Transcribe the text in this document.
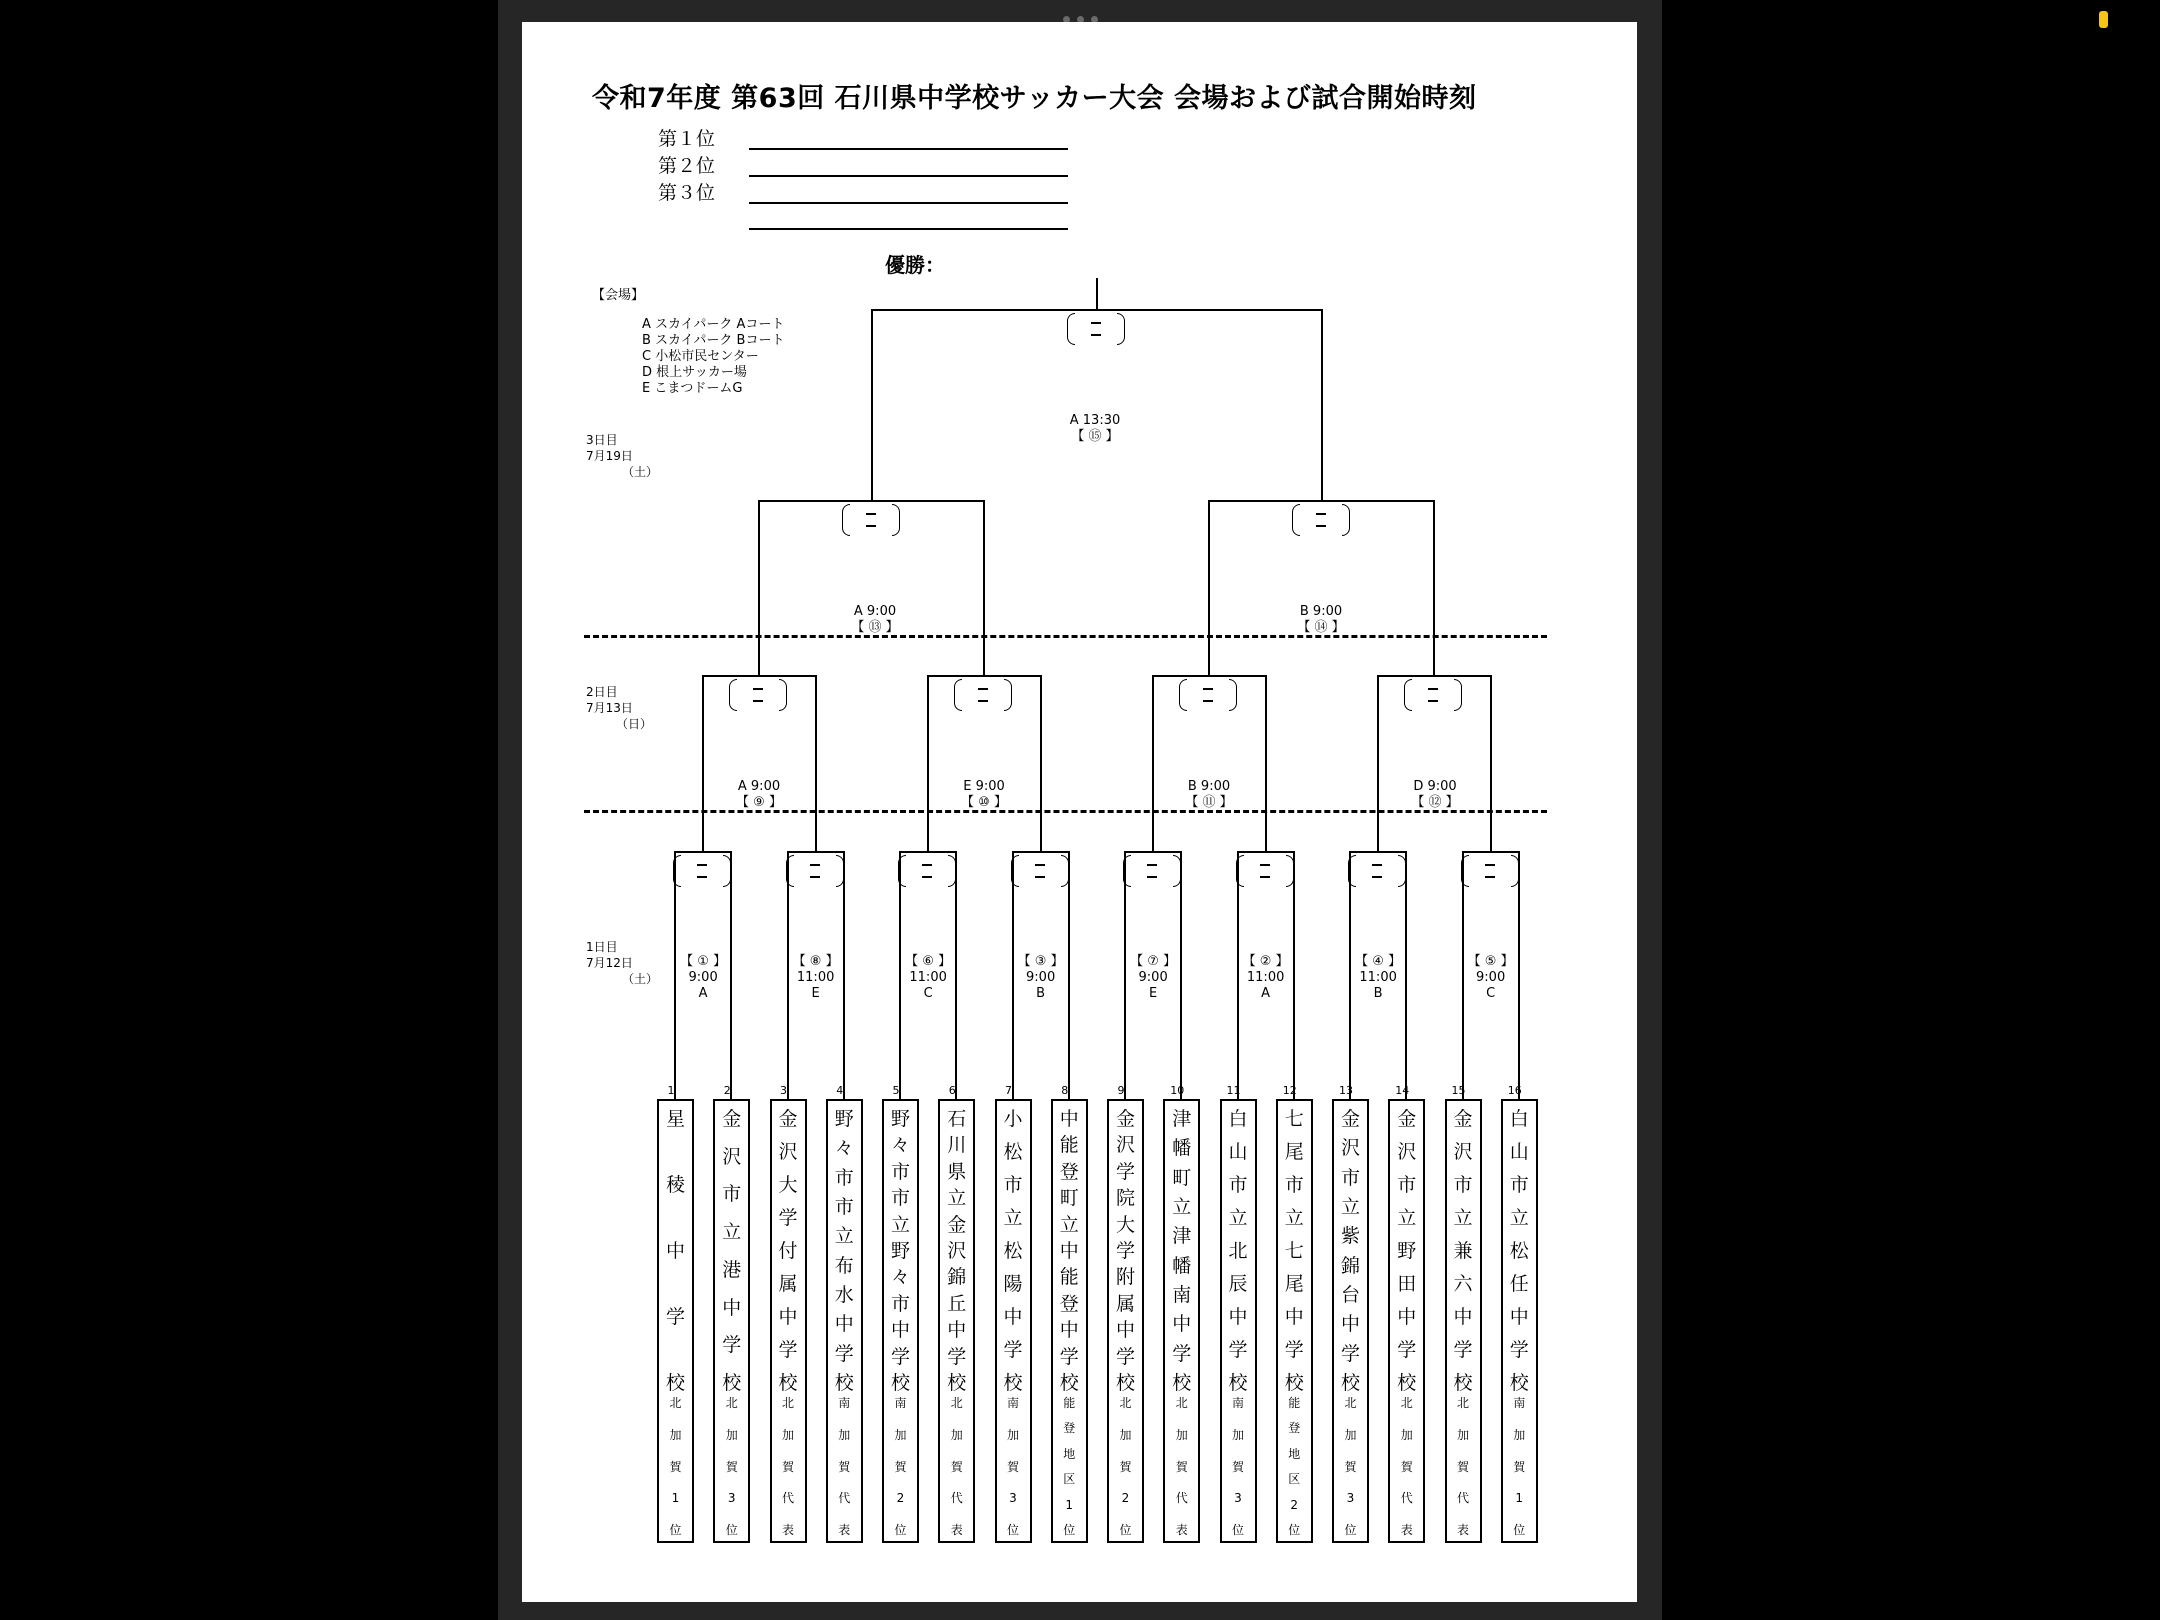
令和7年度 第63回 石川県中学校サッカー大会 会場および試合開始時刻
第１位
第２位
第３位
優勝：
【会場】
A スカイパーク Aコート
B スカイパーク Bコート
C 小松市民センター
D 根上サッカー場
E こまつドームG
3日目
7月19日
（土）
2日目
7月13日
（日）
1日目
7月12日
（土）
A 13:30
【 ⑮ 】
A 9:00
【 ⑬ 】
B 9:00
【 ⑭ 】
A 9:00
【 ⑨ 】
E 9:00
【 ⑩ 】
B 9:00
【 ⑪ 】
D 9:00
【 ⑫ 】
【 ① 】
9:00
A
【 ⑧ 】
11:00
E
【 ⑥ 】
11:00
C
【 ③ 】
9:00
B
【 ⑦ 】
9:00
E
【 ② 】
11:00
A
【 ④ 】
11:00
B
【 ⑤ 】
9:00
C
1
星
稜
中
学
校
北
加
賀
1
位
2
金
沢
市
立
港
中
学
校
北
加
賀
3
位
3
金
沢
大
学
付
属
中
学
校
北
加
賀
代
表
4
野
々
市
市
立
布
水
中
学
校
南
加
賀
代
表
5
野
々
市
市
立
野
々
市
中
学
校
南
加
賀
2
位
6
石
川
県
立
金
沢
錦
丘
中
学
校
北
加
賀
代
表
7
小
松
市
立
松
陽
中
学
校
南
加
賀
3
位
8
中
能
登
町
立
中
能
登
中
学
校
能
登
地
区
1
位
9
金
沢
学
院
大
学
附
属
中
学
校
北
加
賀
2
位
10
津
幡
町
立
津
幡
南
中
学
校
北
加
賀
代
表
11
白
山
市
立
北
辰
中
学
校
南
加
賀
3
位
12
七
尾
市
立
七
尾
中
学
校
能
登
地
区
2
位
13
金
沢
市
立
紫
錦
台
中
学
校
北
加
賀
3
位
14
金
沢
市
立
野
田
中
学
校
北
加
賀
代
表
15
金
沢
市
立
兼
六
中
学
校
北
加
賀
代
表
16
白
山
市
立
松
任
中
学
校
南
加
賀
1
位
